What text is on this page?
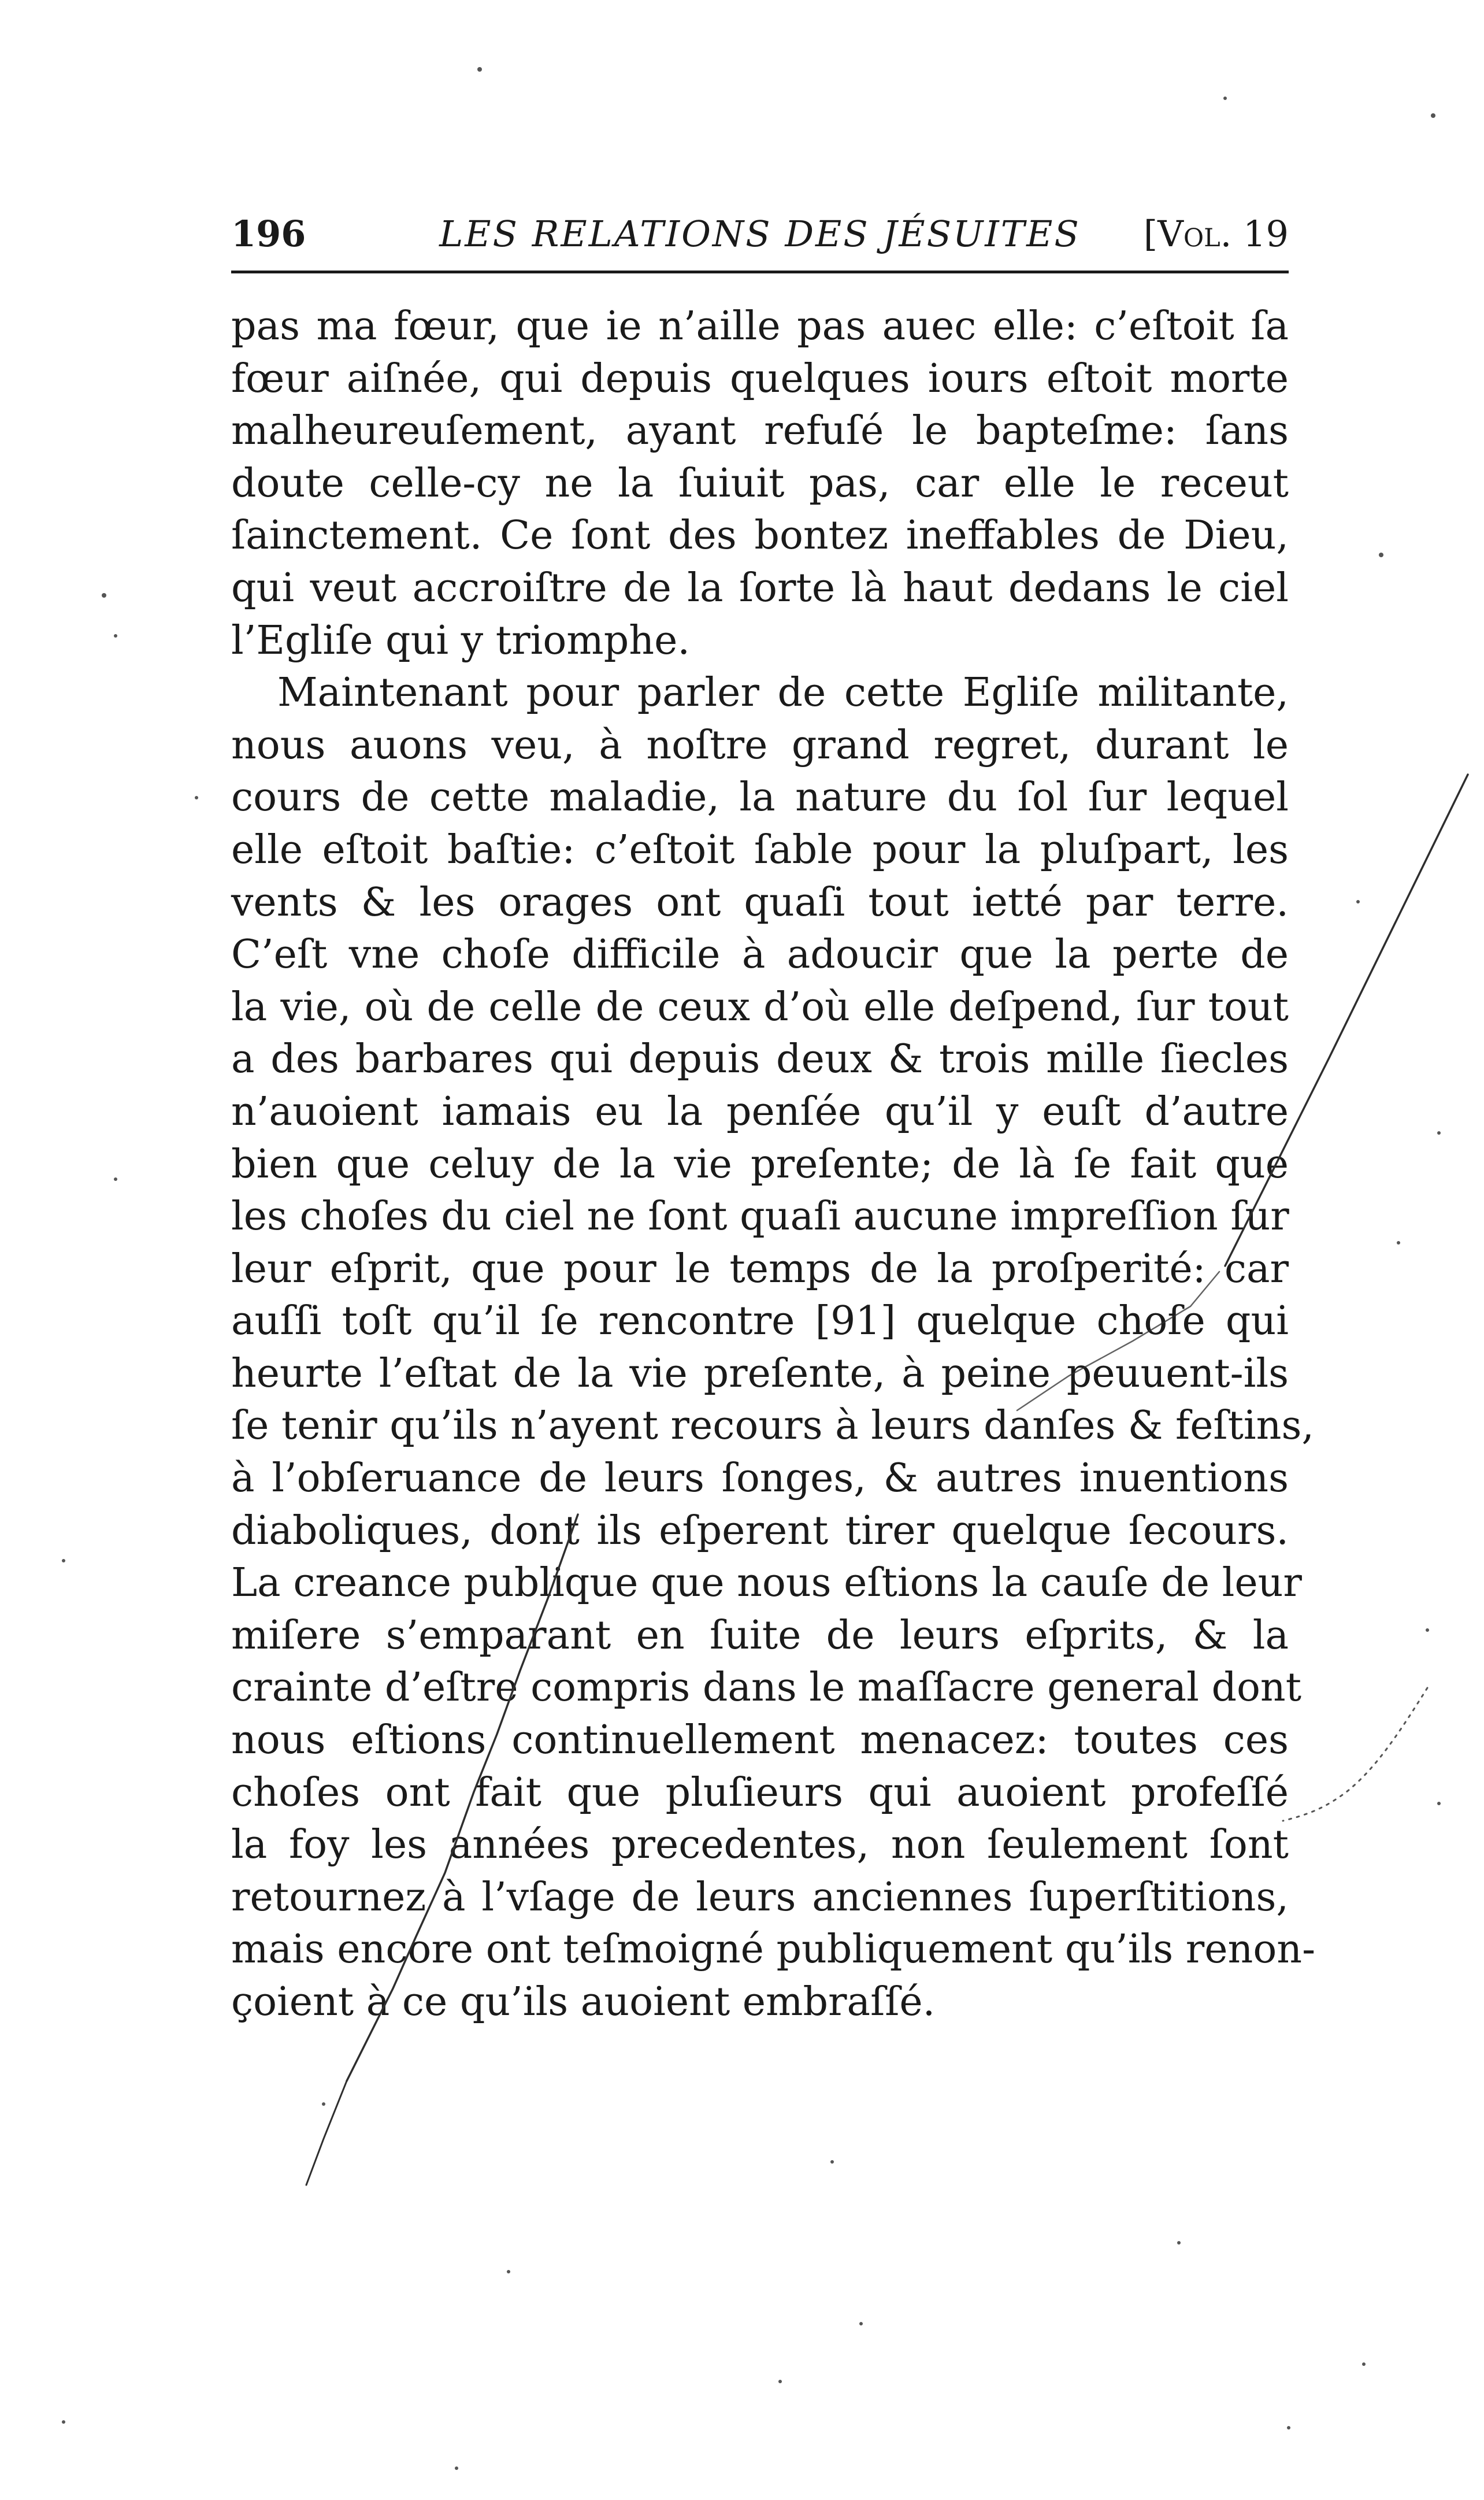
196	LES RELATIONS DES JÉSUITES	[Vol. 19
pas ma fœur, que ie n’aille pas auec elle: c’eſtoit ſa
fœur aiſnée, qui depuis quelques iours eſtoit morte
malheureuſement, ayant refuſé le bapteſme: ſans
doute celle-cy ne la ſuiuit pas, car elle le receut
ſainctement. Ce ſont des bontez ineffables de Dieu,
qui veut accroiſtre de la ſorte là haut dedans le ciel
l’Egliſe qui y triomphe.
Maintenant pour parler de cette Egliſe militante,
nous auons veu, à noſtre grand regret, durant le
cours de cette maladie, la nature du ſol ſur lequel
elle eſtoit baſtie: c’eſtoit ſable pour la pluſpart, les
vents & les orages ont quaſi tout ietté par terre.
C’eſt vne choſe difficile à adoucir que la perte de
la vie, où de celle de ceux d’où elle deſpend, ſur tout
a des barbares qui depuis deux & trois mille ſiecles
n’auoient iamais eu la penſée qu’il y euſt d’autre
bien que celuy de la vie preſente; de là ſe fait que
les choſes du ciel ne ſont quaſi aucune impreſſion ſur
leur eſprit, que pour le temps de la proſperité: car
auſſi toſt qu’il ſe rencontre [91] quelque choſe qui
heurte l’eſtat de la vie preſente, à peine peuuent-ils
ſe tenir qu’ils n’ayent recours à leurs danſes & feſtins,
à l’obſeruance de leurs ſonges, & autres inuentions
diaboliques, dont ils eſperent tirer quelque ſecours.
La creance publique que nous eſtions la cauſe de leur
miſere s’emparant en ſuite de leurs eſprits, & la
crainte d’eſtre compris dans le maſſacre general dont
nous eſtions continuellement menacez: toutes ces
choſes ont fait que pluſieurs qui auoient profeſſé
la foy les années precedentes, non ſeulement ſont
retournez à l’vſage de leurs anciennes ſuperſtitions,
mais encore ont teſmoigné publiquement qu’ils renon-
çoient à ce qu’ils auoient embraſſé.
